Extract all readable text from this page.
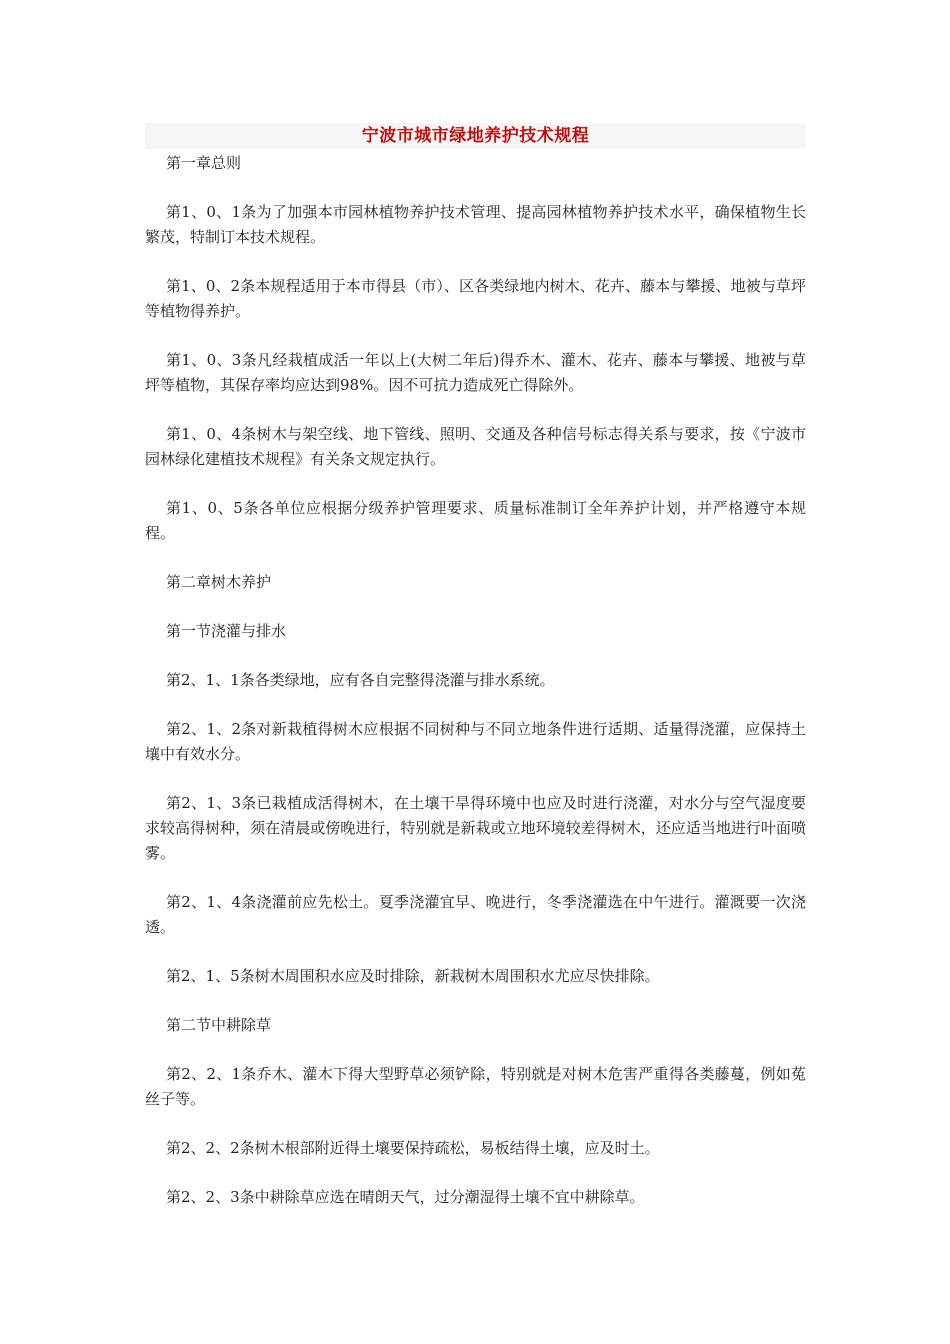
宁波市城市绿地养护技术规程

第一章总则

第1、0、1条为了加强本市园林植物养护技术管理、提高园林植物养护技术水平，确保植物生长繁茂，特制订本技术规程。

第1、0、2条本规程适用于本市得县（市）、区各类绿地内树木、花卉、藤本与攀援、地被与草坪等植物得养护。

第1、0、3条凡经栽植成活一年以上(大树二年后)得乔木、灌木、花卉、藤本与攀援、地被与草坪等植物，其保存率均应达到98%。因不可抗力造成死亡得除外。

第1、0、4条树木与架空线、地下管线、照明、交通及各种信号标志得关系与要求，按《宁波市园林绿化建植技术规程》有关条文规定执行。

第1、0、5条各单位应根据分级养护管理要求、质量标准制订全年养护计划，并严格遵守本规程。

第二章树木养护

第一节浇灌与排水

第2、1、1条各类绿地，应有各自完整得浇灌与排水系统。

第2、1、2条对新栽植得树木应根据不同树种与不同立地条件进行适期、适量得浇灌，应保持土壤中有效水分。

第2、1、3条已栽植成活得树木，在土壤干旱得环境中也应及时进行浇灌，对水分与空气湿度要求较高得树种，须在清晨或傍晚进行，特别就是新栽或立地环境较差得树木，还应适当地进行叶面喷雾。

第2、1、4条浇灌前应先松土。夏季浇灌宜早、晚进行，冬季浇灌选在中午进行。灌溉要一次浇透。

第2、1、5条树木周围积水应及时排除，新栽树木周围积水尤应尽快排除。

第二节中耕除草

第2、2、1条乔木、灌木下得大型野草必须铲除，特别就是对树木危害严重得各类藤蔓，例如菟丝子等。

第2、2、2条树木根部附近得土壤要保持疏松，易板结得土壤，应及时土。

第2、2、3条中耕除草应选在晴朗天气，过分潮湿得土壤不宜中耕除草。
